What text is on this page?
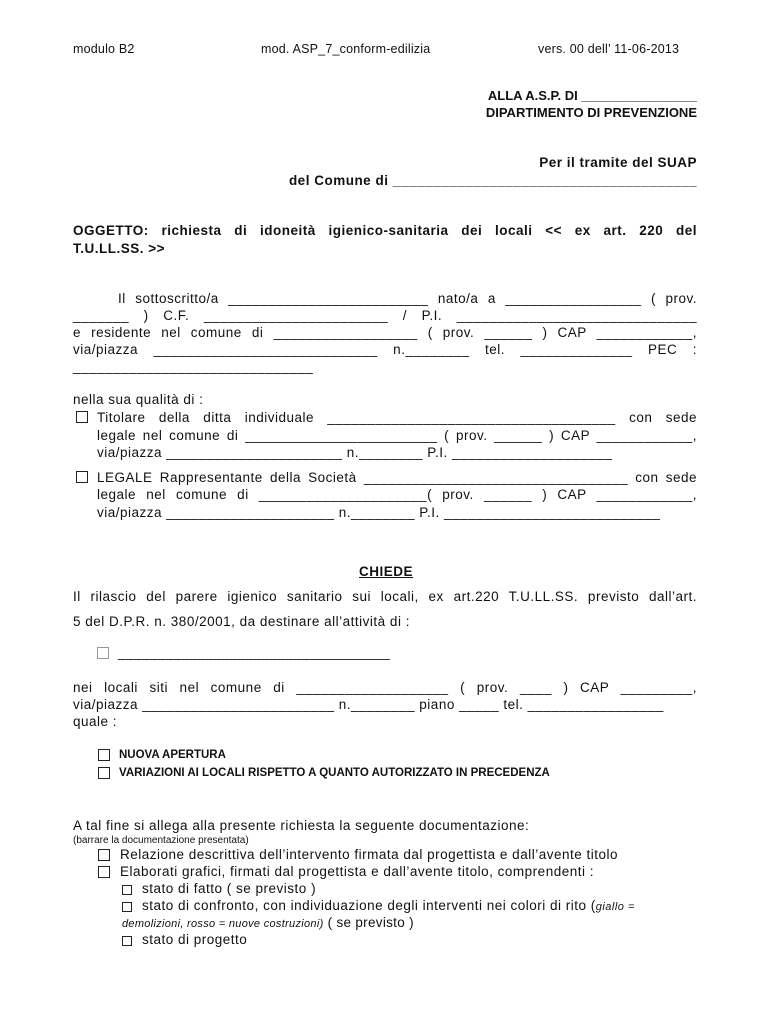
modulo B2	mod. ASP_7_conform-edilizia	vers. 00 dell’ 11-06-2013
ALLA A.S.P. DI ________________
DIPARTIMENTO DI PREVENZIONE
Per il tramite del SUAP
del Comune di ______________________________________
OGGETTO: richiesta di idoneità igienico-sanitaria dei locali << ex art. 220 del
T.U.LL.SS. >>
Il sottoscritto/a _________________________ nato/a a _________________ ( prov.
_______ ) C.F. _______________________ / P.I. ______________________________
e residente nel comune di __________________ ( prov. ______ ) CAP ____________,
via/piazza ____________________________ n.________ tel. ______________ PEC :
______________________________
nella sua qualità di :
Titolare della ditta individuale ____________________________________ con sede
legale nel comune di ________________________ ( prov. ______ ) CAP ____________,
via/piazza ______________________ n.________ P.I. ____________________
LEGALE Rappresentante della Società _________________________________ con sede
legale nel comune di _____________________( prov. ______ ) CAP ____________,
via/piazza _____________________ n.________ P.I. ___________________________
CHIEDE
Il rilascio del parere igienico sanitario sui locali, ex art.220 T.U.LL.SS. previsto dall’art.
5 del D.P.R. n. 380/2001, da destinare all’attività di :
__________________________________
nei locali siti nel comune di ___________________ ( prov. ____ ) CAP _________,
via/piazza ________________________ n.________ piano _____ tel. _________________
quale :
NUOVA APERTURA
VARIAZIONI AI LOCALI RISPETTO A QUANTO AUTORIZZATO IN PRECEDENZA
A tal fine si allega alla presente richiesta la seguente documentazione:
(barrare la documentazione presentata)
Relazione descrittiva dell’intervento firmata dal progettista e dall’avente titolo
Elaborati grafici, firmati dal progettista e dall’avente titolo, comprendenti :
stato di fatto ( se previsto )
stato di confronto, con individuazione degli interventi nei colori di rito (giallo =
demolizioni, rosso = nuove costruzioni) ( se previsto )
stato di progetto
